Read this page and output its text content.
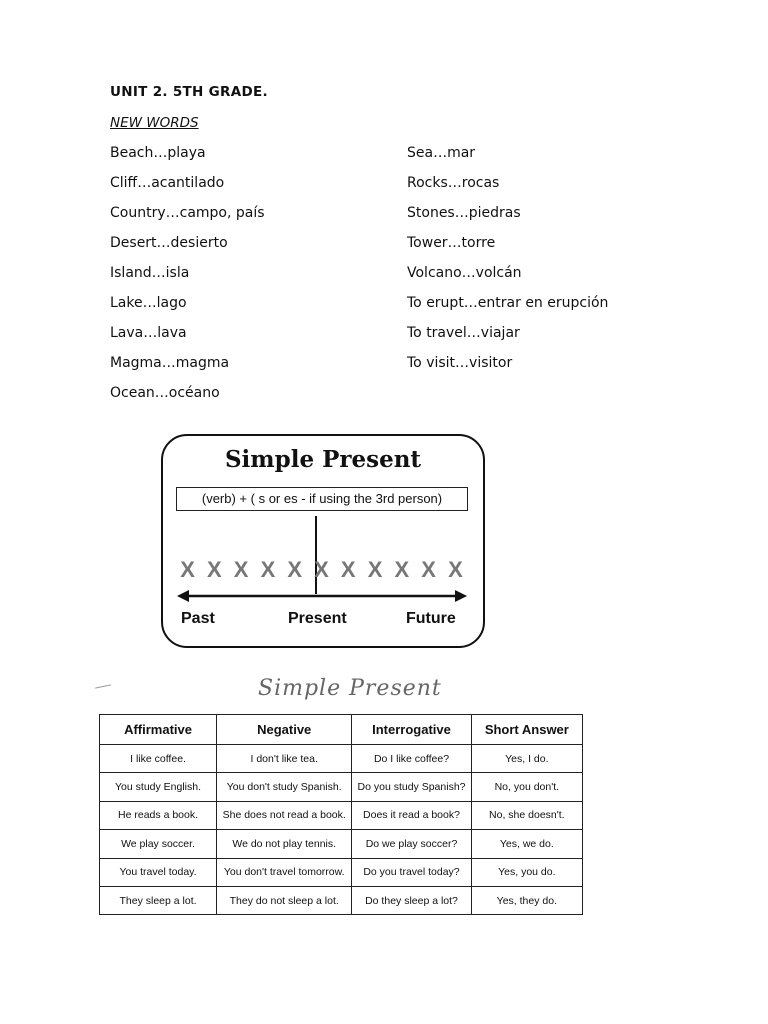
UNIT 2. 5TH GRADE.
NEW WORDS
Beach…playa
Cliff…acantilado
Country…campo, país
Desert…desierto
Island…isla
Lake…lago
Lava…lava
Magma…magma
Ocean…océano
Sea…mar
Rocks…rocas
Stones…piedras
Tower…torre
Volcano…volcán
To erupt…entrar en erupción
To travel…viajar
To visit…visitor
Simple Present
(verb) + ( s or es - if using the 3rd person)
X X X X X X X X X X X
Past	Present	Future
Simple Present
Affirmative	Negative	Interrogative	Short Answer
I like coffee.	I don't like tea.	Do I like coffee?	Yes, I do.
You study English.	You don't study Spanish.	Do you study Spanish?	No, you don't.
He reads a book.	She does not read a book.	Does it read a book?	No, she doesn't.
We play soccer.	We do not play tennis.	Do we play soccer?	Yes, we do.
You travel today.	You don't travel tomorrow.	Do you travel today?	Yes, you do.
They sleep a lot.	They do not sleep a lot.	Do they sleep a lot?	Yes, they do.
